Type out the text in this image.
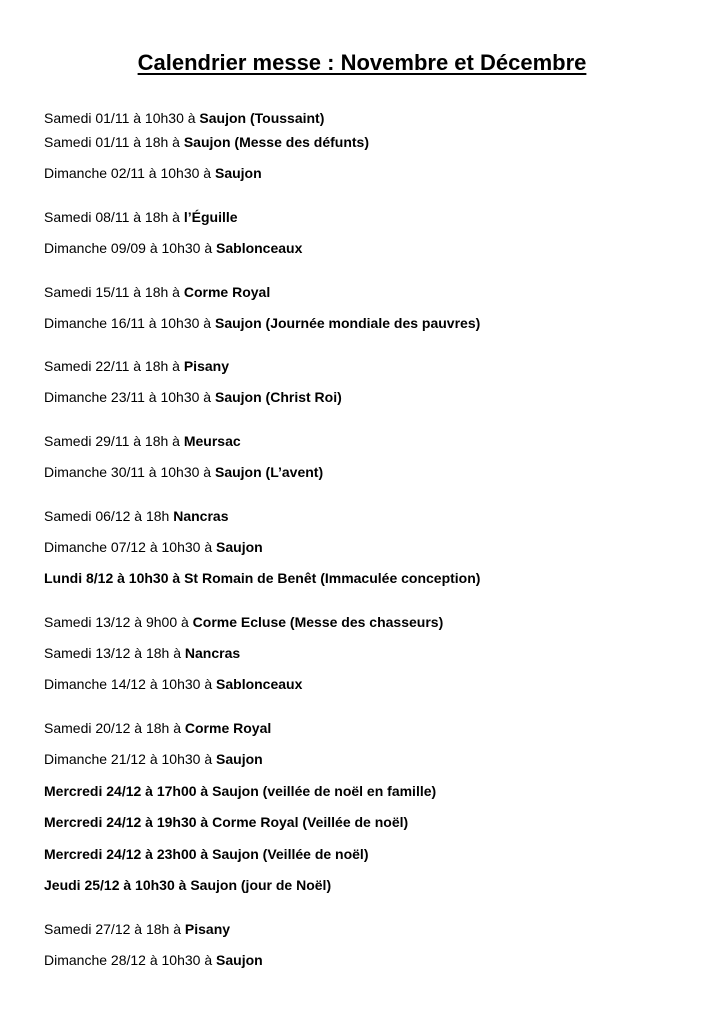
Calendrier messe : Novembre et Décembre
Samedi 01/11 à 10h30 à Saujon (Toussaint)
Samedi 01/11 à 18h à Saujon (Messe des défunts)
Dimanche 02/11 à 10h30 à Saujon
Samedi 08/11 à 18h à l’Éguille
Dimanche 09/09 à 10h30 à Sablonceaux
Samedi 15/11 à 18h à Corme Royal
Dimanche 16/11 à 10h30 à Saujon (Journée mondiale des pauvres)
Samedi 22/11 à 18h à Pisany
Dimanche 23/11 à 10h30 à Saujon (Christ Roi)
Samedi 29/11 à 18h à Meursac
Dimanche 30/11 à 10h30 à Saujon (L’avent)
Samedi 06/12 à 18h Nancras
Dimanche 07/12 à 10h30 à Saujon
Lundi 8/12 à 10h30 à St Romain de Benêt (Immaculée conception)
Samedi 13/12 à 9h00 à Corme Ecluse (Messe des chasseurs)
Samedi 13/12 à 18h à Nancras
Dimanche 14/12 à 10h30 à Sablonceaux
Samedi 20/12 à 18h à Corme Royal
Dimanche 21/12 à 10h30 à Saujon
Mercredi 24/12 à 17h00 à Saujon (veillée de noël en famille)
Mercredi 24/12 à 19h30 à Corme Royal (Veillée de noël)
Mercredi 24/12 à 23h00 à Saujon (Veillée de noël)
Jeudi 25/12 à 10h30 à Saujon (jour de Noël)
Samedi 27/12 à 18h à Pisany
Dimanche 28/12 à 10h30 à Saujon
